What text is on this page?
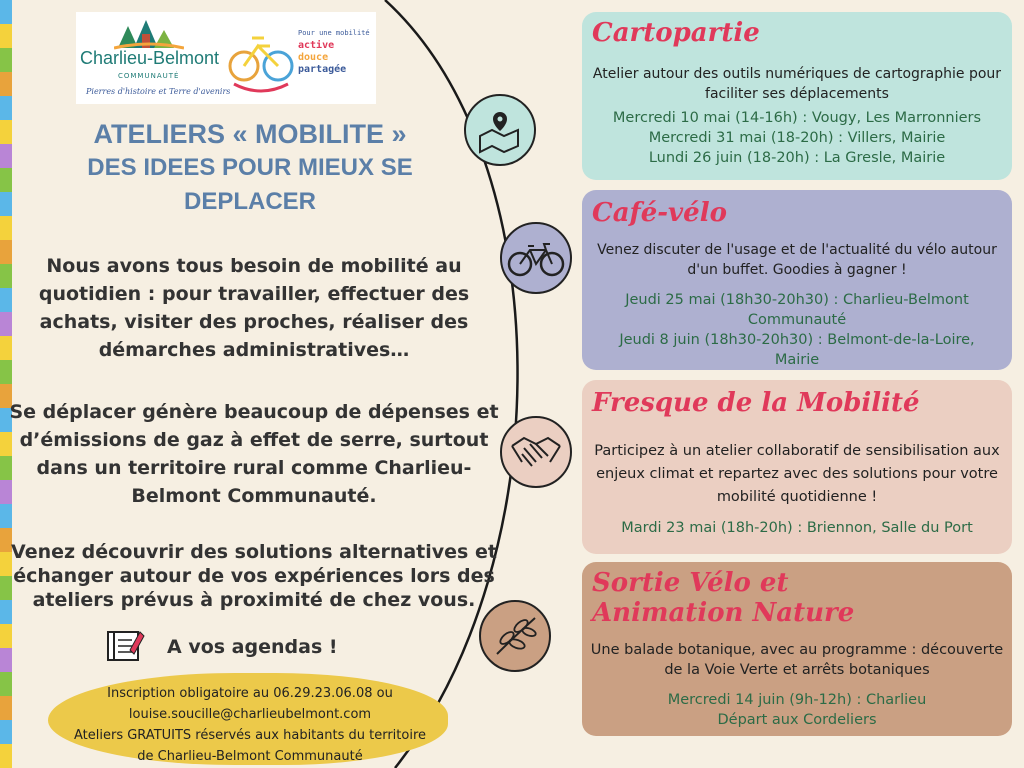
Charlieu-Belmont
COMMUNAUTÉ
Pierres d'histoire et Terre d'avenirs
Pour une mobilité
active
douce
partagée
ATELIERS « MOBILITE »
DES IDEES POUR MIEUX SE
DEPLACER
Nous avons tous besoin de mobilité au quotidien : pour travailler, effectuer des achats, visiter des proches, réaliser des démarches administratives…
Se déplacer génère beaucoup de dépenses et d’émissions de gaz à effet de serre, surtout dans un territoire rural comme Charlieu-Belmont Communauté.
Venez découvrir des solutions alternatives et échanger autour de vos expériences lors des ateliers prévus à proximité de chez vous.
A vos agendas !
Inscription obligatoire au 06.29.23.06.08 ou
louise.soucille@charlieubelmont.com
Ateliers GRATUITS réservés aux habitants du territoire
de Charlieu-Belmont Communauté
Cartopartie
Atelier autour des outils numériques de cartographie pour faciliter ses déplacements
Mercredi 10 mai (14-16h) : Vougy, Les Marronniers
Mercredi 31 mai (18-20h) : Villers, Mairie
Lundi 26 juin (18-20h) : La Gresle, Mairie
Café-vélo
Venez discuter de l'usage et de l'actualité du vélo autour d'un buffet. Goodies à gagner !
Jeudi 25 mai (18h30-20h30) : Charlieu-Belmont Communauté
Jeudi 8 juin (18h30-20h30) : Belmont-de-la-Loire, Mairie
Fresque de la Mobilité
Participez à un atelier collaboratif de sensibilisation aux enjeux climat et repartez avec des solutions pour votre mobilité quotidienne !
Mardi 23 mai (18h-20h) : Briennon, Salle du Port
Sortie Vélo et Animation Nature
Une balade botanique, avec au programme : découverte de la Voie Verte et arrêts botaniques
Mercredi 14 juin (9h-12h) : Charlieu
Départ aux Cordeliers
